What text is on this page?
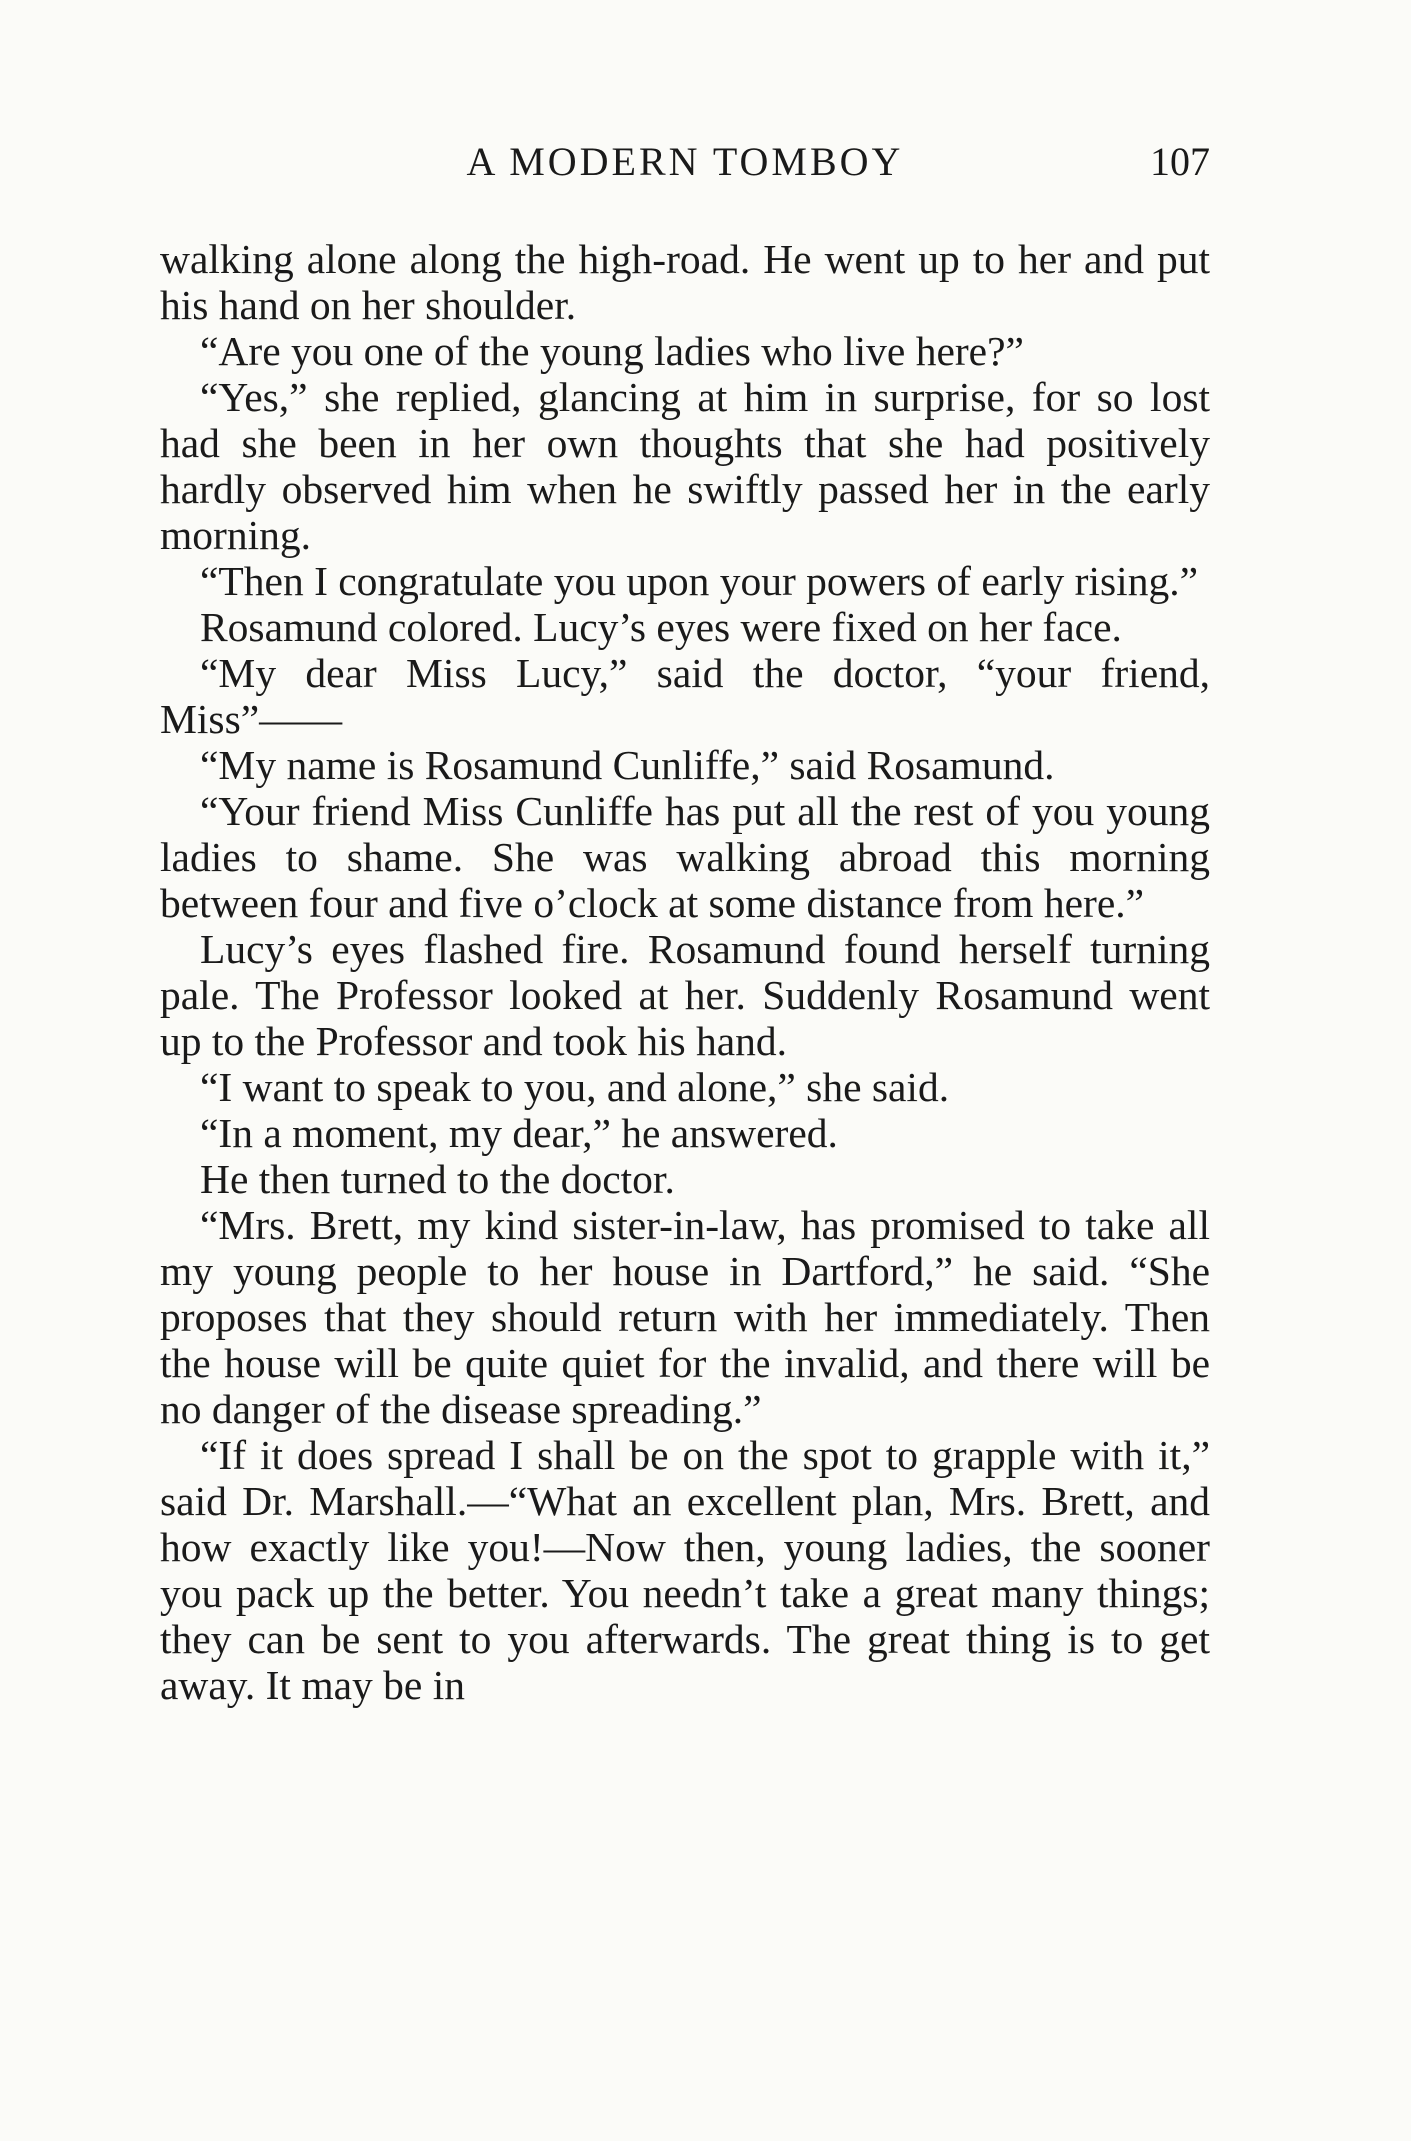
A MODERN TOMBOY	107

walking alone along the high-road. He went up to her and put his hand on her shoulder.

“Are you one of the young ladies who live here?”

“Yes,” she replied, glancing at him in surprise, for so lost had she been in her own thoughts that she had positively hardly observed him when he swiftly passed her in the early morning.

“Then I congratulate you upon your powers of early rising.”

Rosamund colored. Lucy’s eyes were fixed on her face.

“My dear Miss Lucy,” said the doctor, “your friend, Miss”——

“My name is Rosamund Cunliffe,” said Rosamund.

“Your friend Miss Cunliffe has put all the rest of you young ladies to shame. She was walking abroad this morning between four and five o’clock at some distance from here.”

Lucy’s eyes flashed fire. Rosamund found herself turning pale. The Professor looked at her. Suddenly Rosamund went up to the Professor and took his hand.

“I want to speak to you, and alone,” she said.

“In a moment, my dear,” he answered.

He then turned to the doctor.

“Mrs. Brett, my kind sister-in-law, has promised to take all my young people to her house in Dartford,” he said. “She proposes that they should return with her immediately. Then the house will be quite quiet for the invalid, and there will be no danger of the disease spreading.”

“If it does spread I shall be on the spot to grapple with it,” said Dr. Marshall.—“What an excellent plan, Mrs. Brett, and how exactly like you!—Now then, young ladies, the sooner you pack up the better. You needn’t take a great many things; they can be sent to you afterwards. The great thing is to get away. It may be in
